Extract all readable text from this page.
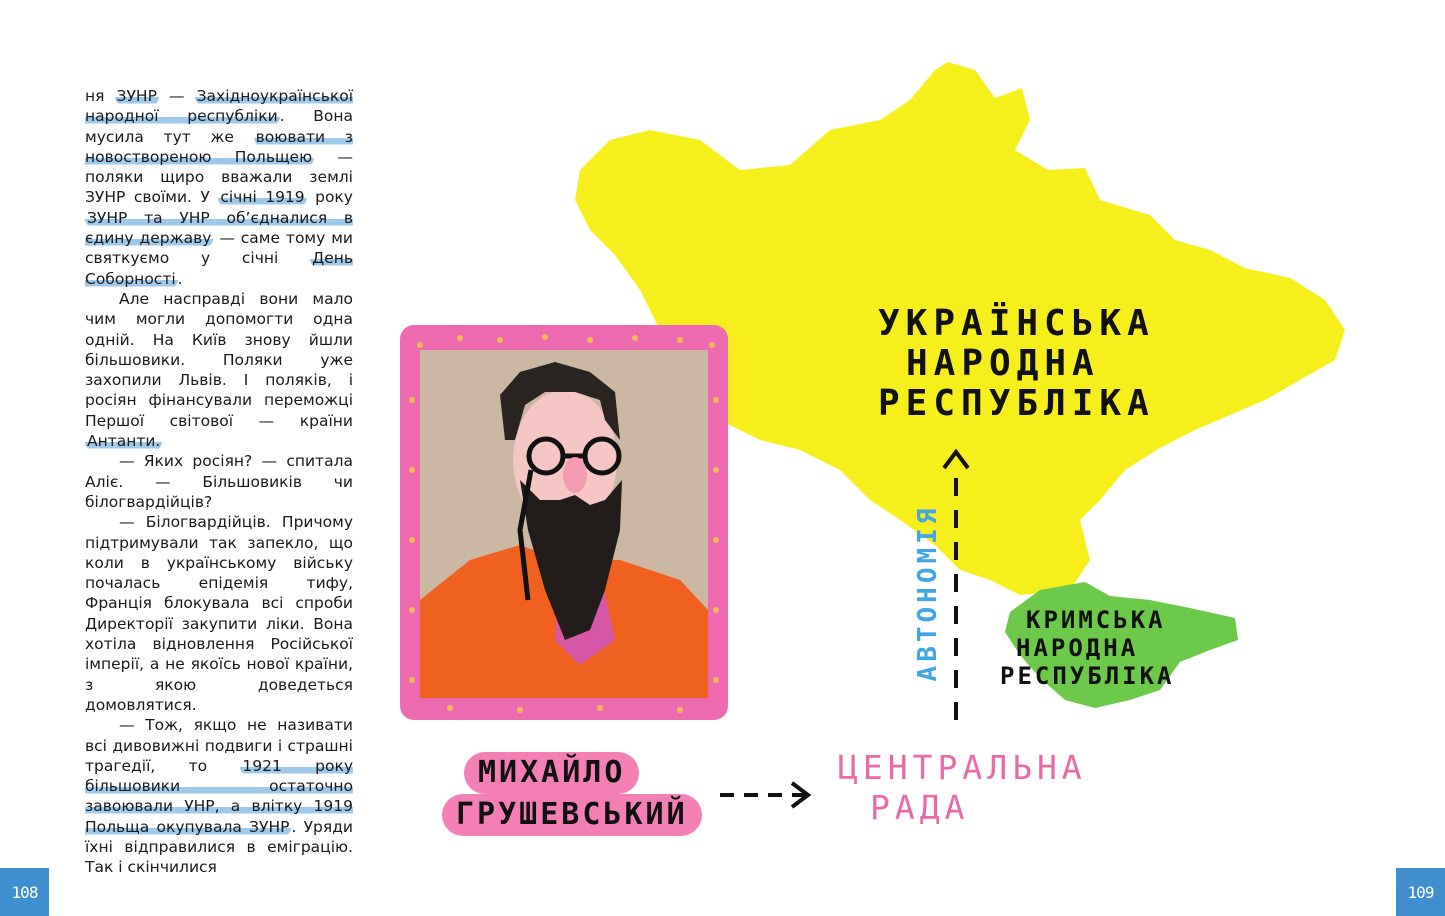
ня ЗУНР — Західноукраїнської народної республіки . Вона мусила тут же воювати з новоствореною Польщею — поляки щиро вважали землі ЗУНР своїми. У січні 1919 року ЗУНР та УНР об’єдналися в єдину державу — саме тому ми святкуємо у січні День Соборності .

Але насправді вони мало чим могли допомогти одна одній. На Київ знову йшли більшовики. Поляки уже захопили Львів. І поляків, і росіян фінансували переможці Першої світової — країни Антанти.

— Яких росіян? — спитала Аліє. — Більшовиків чи білогвардійців?

— Білогвардійців. Причому підтримували так запекло, що коли в українському війську почалась епідемія тифу, Франція блокувала всі спроби Директорії закупити ліки. Вона хотіла відновлення Російської імперії, а не якоїсь нової країни, з якою доведеться домовлятися.

— Тож, якщо не називати всі дивовижні подвиги і страшні трагедії, то 1921 року більшовики остаточно завоювали УНР, а влітку 1919 Польща окупувала ЗУНР . Уряди їхні відправилися в еміграцію. Так і скінчилися

108	109
УКРАЇНСЬКА
НАРОДНА
РЕСПУБЛІКА
КРИМСЬКА
НАРОДНА
РЕСПУБЛІКА
АВТОНОМІЯ
МИХАЙЛО
ГРУШЕВСЬКИЙ
ЦЕНТРАЛЬНА
РАДА
